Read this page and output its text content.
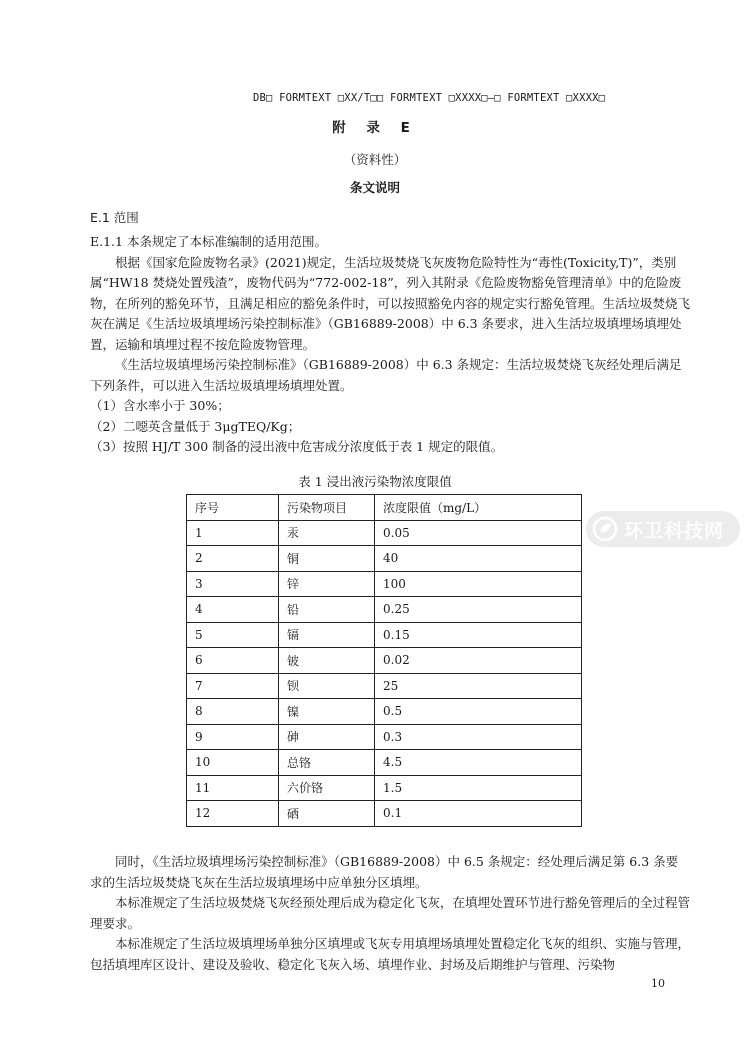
DB□ FORMTEXT □XX/T□□ FORMTEXT □XXXX□—□ FORMTEXT □XXXX□
附 录 E
（资料性）
条文说明
E.1 范围

E.1.1 本条规定了本标准编制的适用范围。

根据《国家危险废物名录》(2021)规定，生活垃圾焚烧飞灰废物危险特性为“毒性(Toxicity,T)”，类别属“HW18 焚烧处置残渣”，废物代码为“772-002-18”，列入其附录《危险废物豁免管理清单》中的危险废物，在所列的豁免环节，且满足相应的豁免条件时，可以按照豁免内容的规定实行豁免管理。生活垃圾焚烧飞灰在满足《生活垃圾填埋场污染控制标准》（GB16889-2008）中 6.3 条要求，进入生活垃圾填埋场填埋处置，运输和填埋过程不按危险废物管理。

《生活垃圾填埋场污染控制标准》（GB16889-2008）中 6.3 条规定：生活垃圾焚烧飞灰经处理后满足下列条件，可以进入生活垃圾填埋场填埋处置。

（1）含水率小于 30%；

（2）二噁英含量低于 3μgTEQ/Kg；

（3）按照 HJ/T 300 制备的浸出液中危害成分浓度低于表 1 规定的限值。

表 1 浸出液污染物浓度限值
序号	污染物项目	浓度限值（mg/L）
1	汞	0.05
2	铜	40
3	锌	100
4	铅	0.25
5	镉	0.15
6	铍	0.02
7	钡	25
8	镍	0.5
9	砷	0.3
10	总铬	4.5
11	六价铬	1.5
12	硒	0.1

同时，《生活垃圾填埋场污染控制标准》（GB16889-2008）中 6.5 条规定：经处理后满足第 6.3 条要求的生活垃圾焚烧飞灰在生活垃圾填埋场中应单独分区填埋。

本标准规定了生活垃圾焚烧飞灰经预处理后成为稳定化飞灰，在填埋处置环节进行豁免管理后的全过程管理要求。

本标准规定了生活垃圾填埋场单独分区填埋或飞灰专用填埋场填埋处置稳定化飞灰的组织、实施与管理，包括填埋库区设计、建设及验收、稳定化飞灰入场、填埋作业、封场及后期维护与管理、污染物

10
环卫科技网
